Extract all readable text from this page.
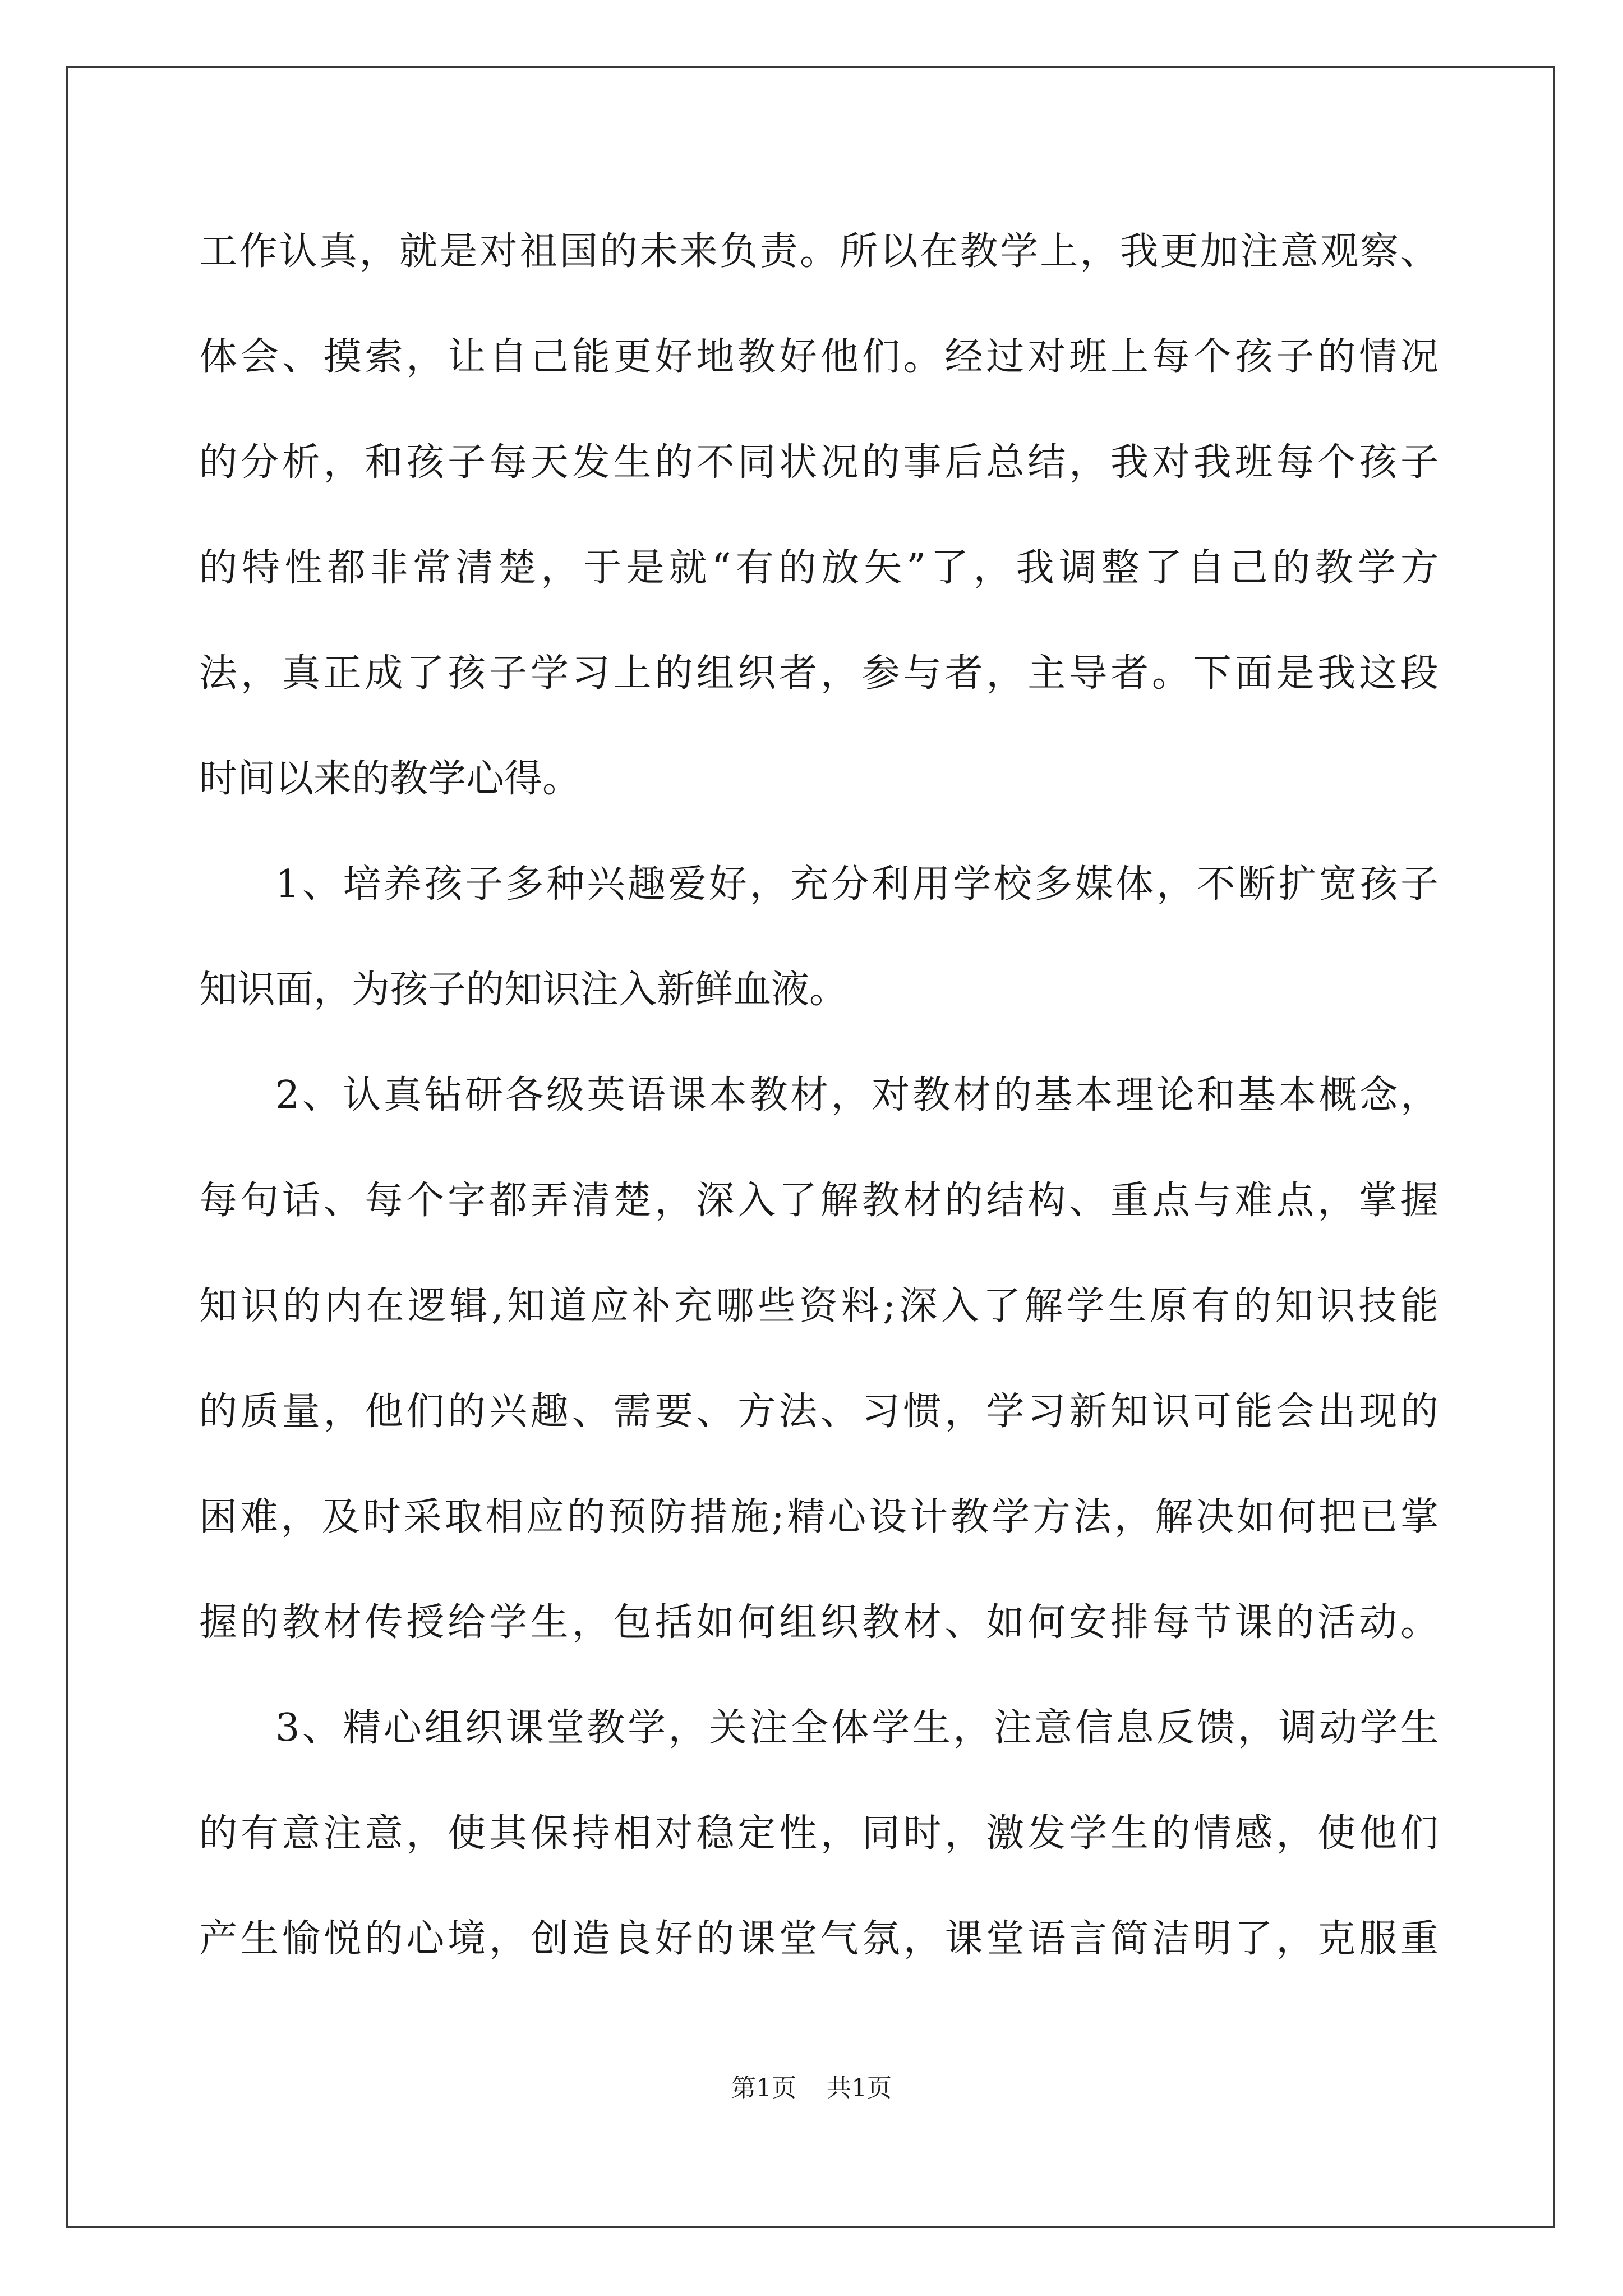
工作认真，就是对祖国的未来负责。所以在教学上，我更加注意观察、
体会、摸索，让自己能更好地教好他们。经过对班上每个孩子的情况
的分析，和孩子每天发生的不同状况的事后总结，我对我班每个孩子
的特性都非常清楚，于是就“有的放矢”了，我调整了自己的教学方
法，真正成了孩子学习上的组织者，参与者，主导者。下面是我这段
时间以来的教学心得。
1、培养孩子多种兴趣爱好，充分利用学校多媒体，不断扩宽孩子
知识面，为孩子的知识注入新鲜血液。
2、认真钻研各级英语课本教材，对教材的基本理论和基本概念，
每句话、每个字都弄清楚，深入了解教材的结构、重点与难点，掌握
知识的内在逻辑,知道应补充哪些资料;深入了解学生原有的知识技能
的质量，他们的兴趣、需要、方法、习惯，学习新知识可能会出现的
困难，及时采取相应的预防措施;精心设计教学方法，解决如何把已掌
握的教材传授给学生，包括如何组织教材、如何安排每节课的活动。
3、精心组织课堂教学，关注全体学生，注意信息反馈，调动学生
的有意注意，使其保持相对稳定性，同时，激发学生的情感，使他们
产生愉悦的心境，创造良好的课堂气氛，课堂语言简洁明了，克服重
第1页 共1页
